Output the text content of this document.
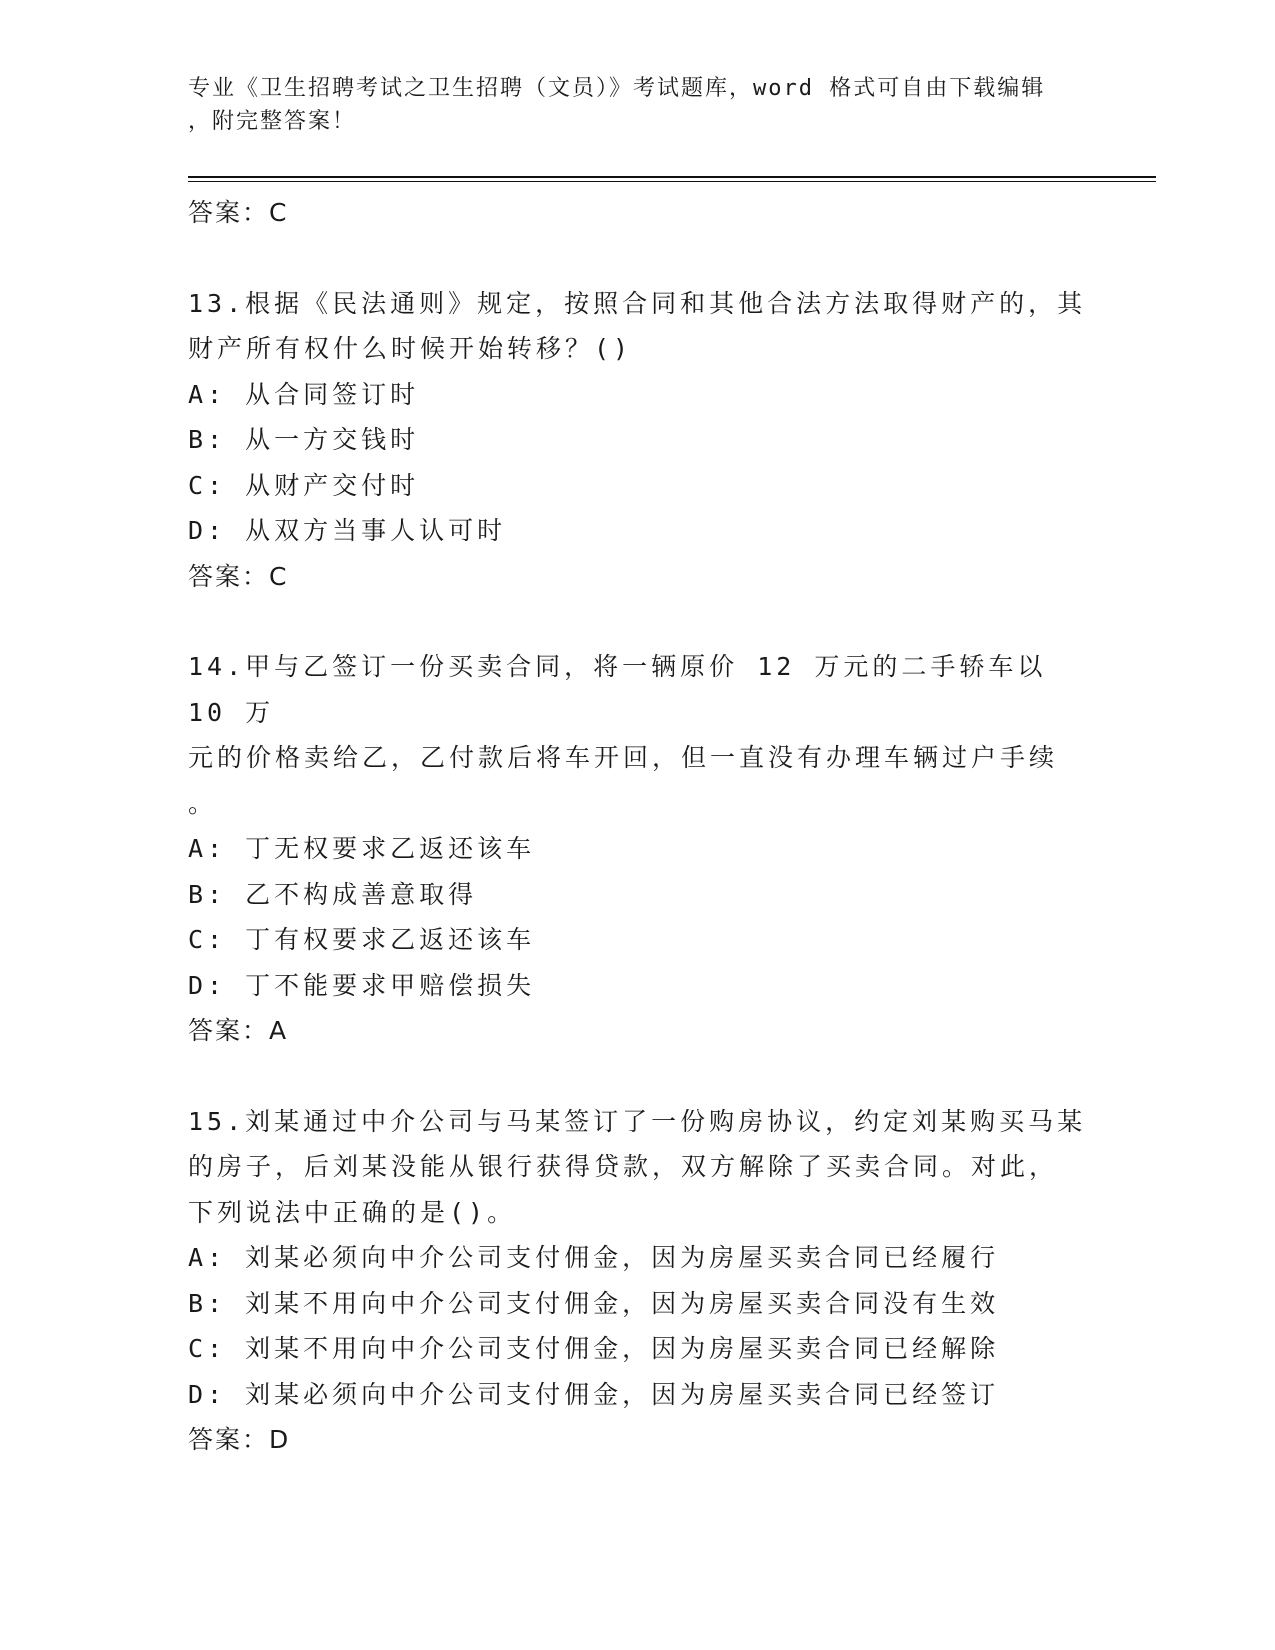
专业《卫生招聘考试之卫生招聘（文员）》考试题库，word 格式可自由下载编辑
，附完整答案！

答案：C

13.根据《民法通则》规定，按照合同和其他合法方法取得财产的，其
财产所有权什么时候开始转移？()

A: 从合同签订时

B: 从一方交钱时

C: 从财产交付时

D: 从双方当事人认可时

答案：C

14.甲与乙签订一份买卖合同，将一辆原价 12 万元的二手轿车以 10 万
元的价格卖给乙，乙付款后将车开回，但一直没有办理车辆过户手续
。

A: 丁无权要求乙返还该车

B: 乙不构成善意取得

C: 丁有权要求乙返还该车

D: 丁不能要求甲赔偿损失

答案：A

15.刘某通过中介公司与马某签订了一份购房协议，约定刘某购买马某
的房子，后刘某没能从银行获得贷款，双方解除了买卖合同。对此，
下列说法中正确的是()。

A: 刘某必须向中介公司支付佣金，因为房屋买卖合同已经履行

B: 刘某不用向中介公司支付佣金，因为房屋买卖合同没有生效

C: 刘某不用向中介公司支付佣金，因为房屋买卖合同已经解除

D: 刘某必须向中介公司支付佣金，因为房屋买卖合同已经签订

答案：D
